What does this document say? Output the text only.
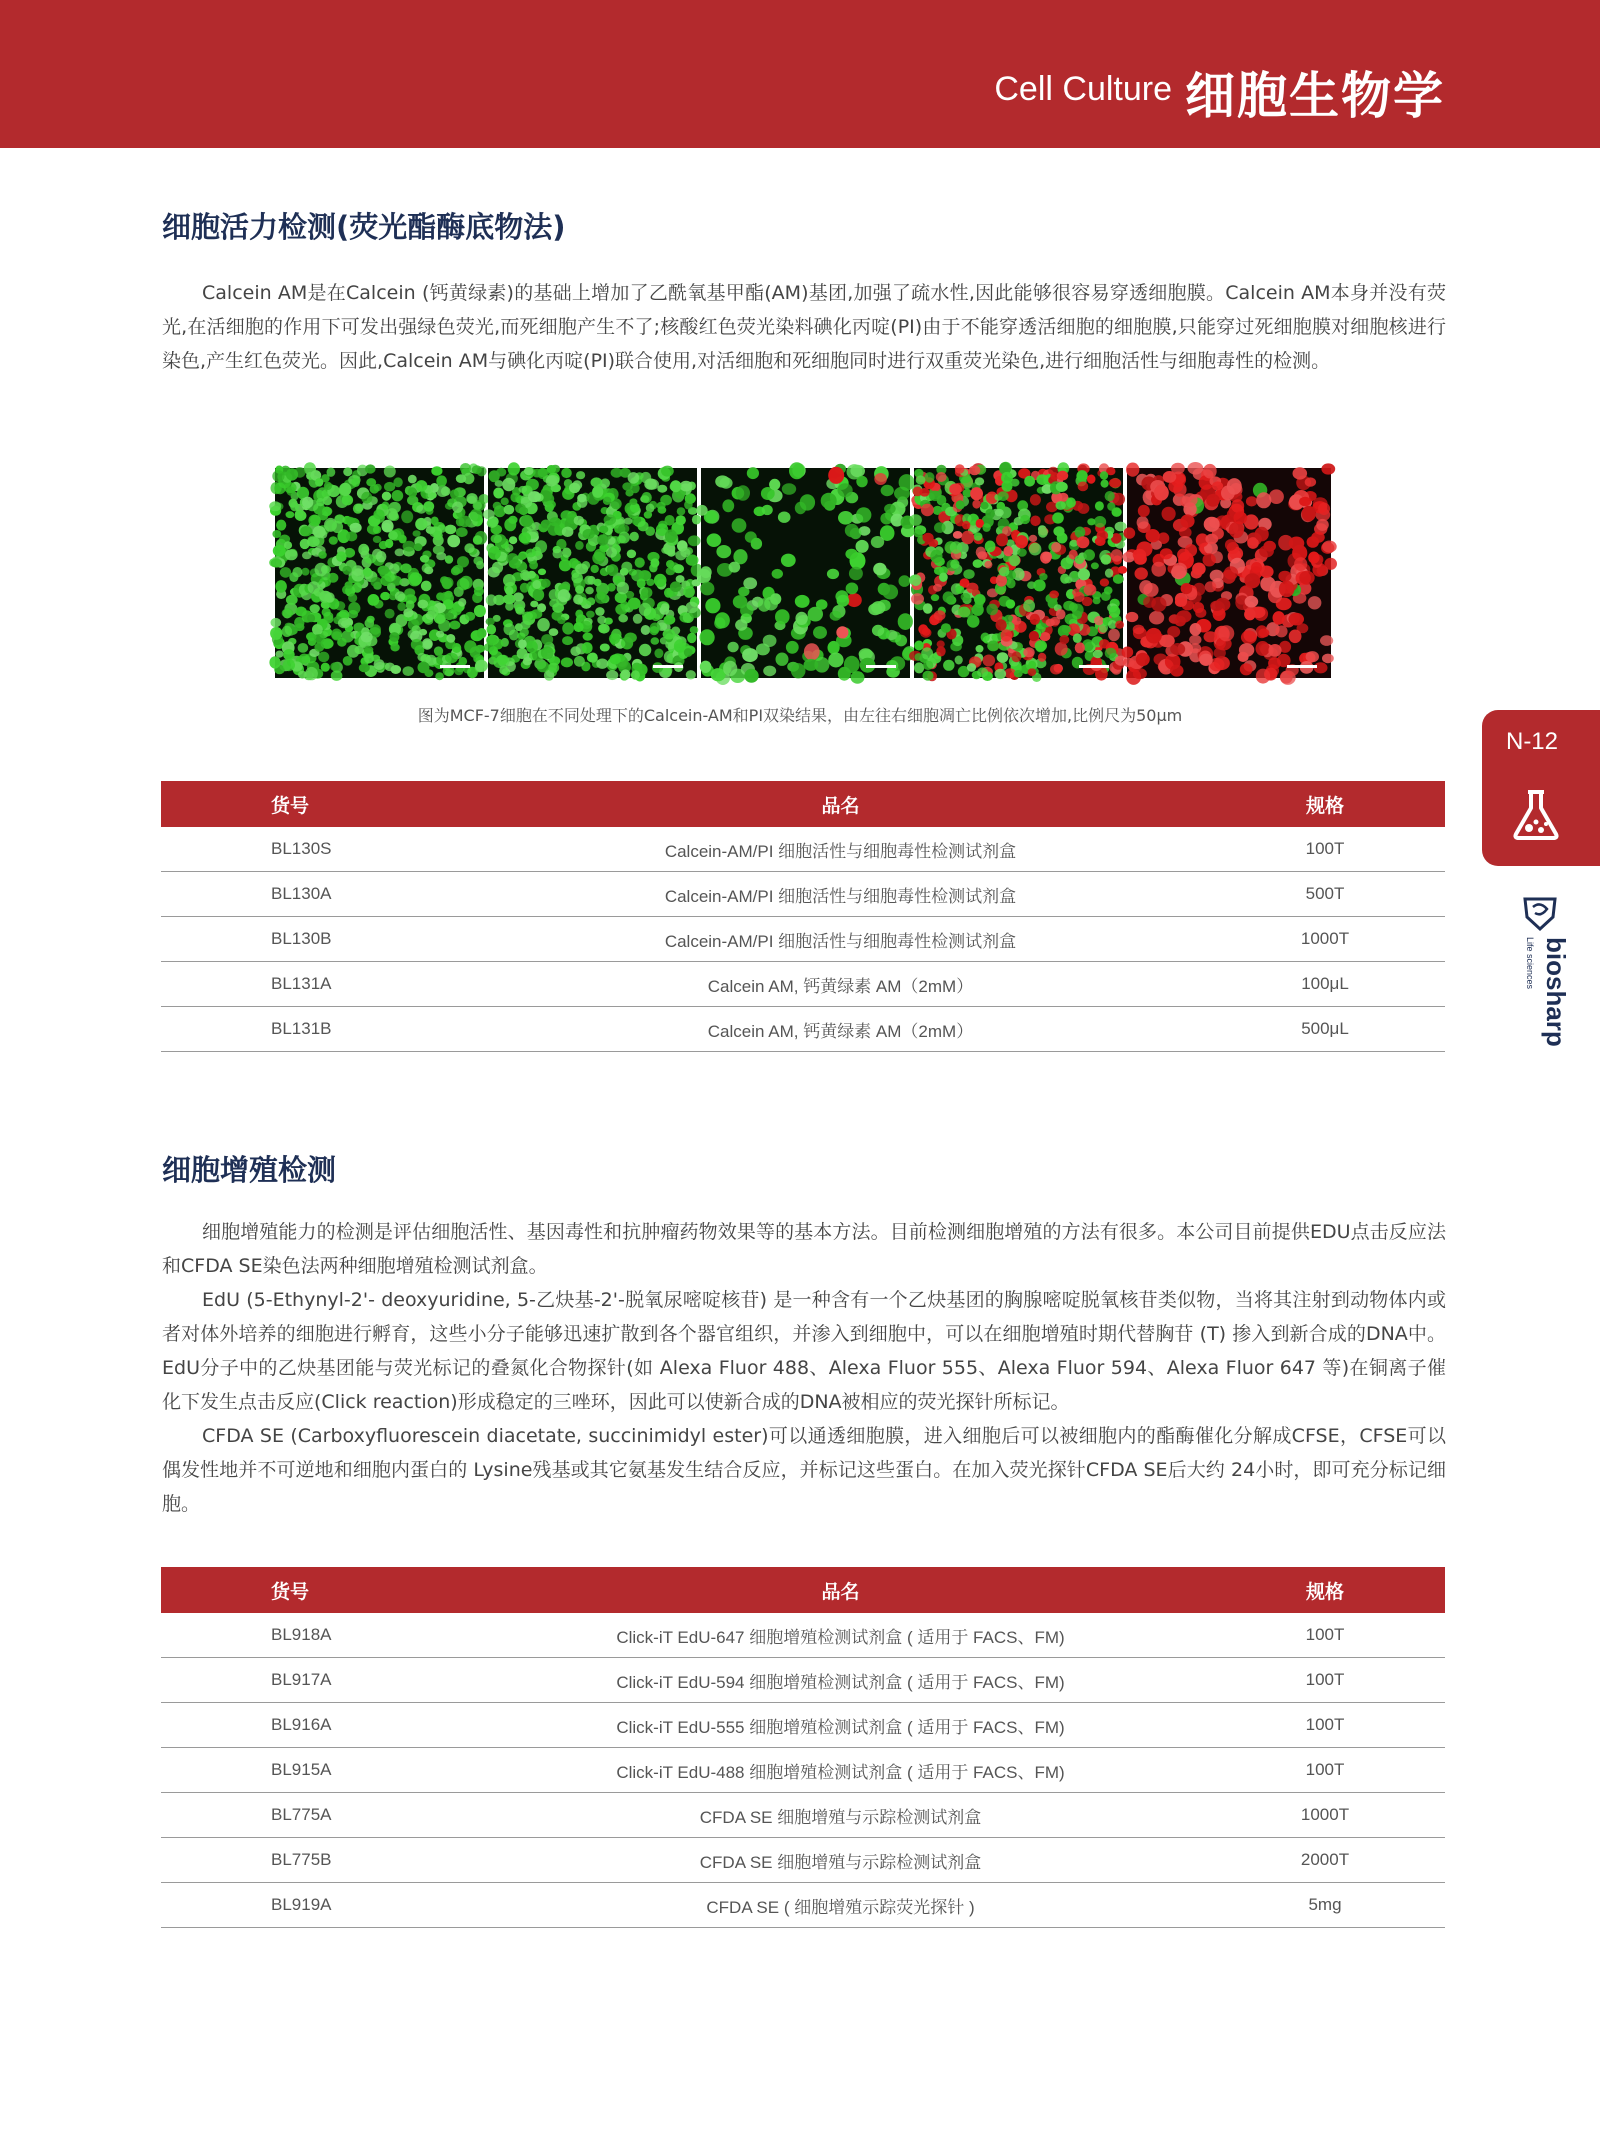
Cell Culture 细胞生物学
细胞活力检测(荧光酯酶底物法)

Calcein AM是在Calcein (钙黄绿素)的基础上增加了乙酰氧基甲酯(AM)基团,加强了疏水性,因此能够很容易穿透细胞膜。Calcein AM本身并没有荧光,在活细胞的作用下可发出强绿色荧光,而死细胞产生不了;核酸红色荧光染料碘化丙啶(PI)由于不能穿透活细胞的细胞膜,只能穿过死细胞膜对细胞核进行染色,产生红色荧光。因此,Calcein AM与碘化丙啶(PI)联合使用,对活细胞和死细胞同时进行双重荧光染色,进行细胞活性与细胞毒性的检测。

图为MCF-7细胞在不同处理下的Calcein-AM和PI双染结果，由左往右细胞凋亡比例依次增加,比例尺为50μm
货号	品名	规格
BL130S	Calcein-AM/PI 细胞活性与细胞毒性检测试剂盒	100T
BL130A	Calcein-AM/PI 细胞活性与细胞毒性检测试剂盒	500T
BL130B	Calcein-AM/PI 细胞活性与细胞毒性检测试剂盒	1000T
BL131A	Calcein AM, 钙黄绿素 AM（2mM）	100μL
BL131B	Calcein AM, 钙黄绿素 AM（2mM）	500μL
细胞增殖检测

细胞增殖能力的检测是评估细胞活性、基因毒性和抗肿瘤药物效果等的基本方法。目前检测细胞增殖的方法有很多。本公司目前提供EDU点击反应法和CFDA SE染色法两种细胞增殖检测试剂盒。

EdU (5-Ethynyl-2'- deoxyuridine, 5-乙炔基-2'-脱氧尿嘧啶核苷) 是一种含有一个乙炔基团的胸腺嘧啶脱氧核苷类似物，当将其注射到动物体内或者对体外培养的细胞进行孵育，这些小分子能够迅速扩散到各个器官组织，并渗入到细胞中，可以在细胞增殖时期代替胸苷 (T) 掺入到新合成的DNA中。EdU分子中的乙炔基团能与荧光标记的叠氮化合物探针(如 Alexa Fluor 488、Alexa Fluor 555、Alexa Fluor 594、Alexa Fluor 647 等)在铜离子催化下发生点击反应(Click reaction)形成稳定的三唑环，因此可以使新合成的DNA被相应的荧光探针所标记。

CFDA SE (Carboxyfluorescein diacetate, succinimidyl ester)可以通透细胞膜，进入细胞后可以被细胞内的酯酶催化分解成CFSE，CFSE可以偶发性地并不可逆地和细胞内蛋白的 Lysine残基或其它氨基发生结合反应，并标记这些蛋白。在加入荧光探针CFDA SE后大约 24小时，即可充分标记细胞。

货号	品名	规格
BL918A	Click-iT EdU-647 细胞增殖检测试剂盒 ( 适用于 FACS、FM)	100T
BL917A	Click-iT EdU-594 细胞增殖检测试剂盒 ( 适用于 FACS、FM)	100T
BL916A	Click-iT EdU-555 细胞增殖检测试剂盒 ( 适用于 FACS、FM)	100T
BL915A	Click-iT EdU-488 细胞增殖检测试剂盒 ( 适用于 FACS、FM)	100T
BL775A	CFDA SE 细胞增殖与示踪检测试剂盒	1000T
BL775B	CFDA SE 细胞增殖与示踪检测试剂盒	2000T
BL919A	CFDA SE ( 细胞增殖示踪荧光探针 )	5mg
N-12
biosharp
Life sciences
